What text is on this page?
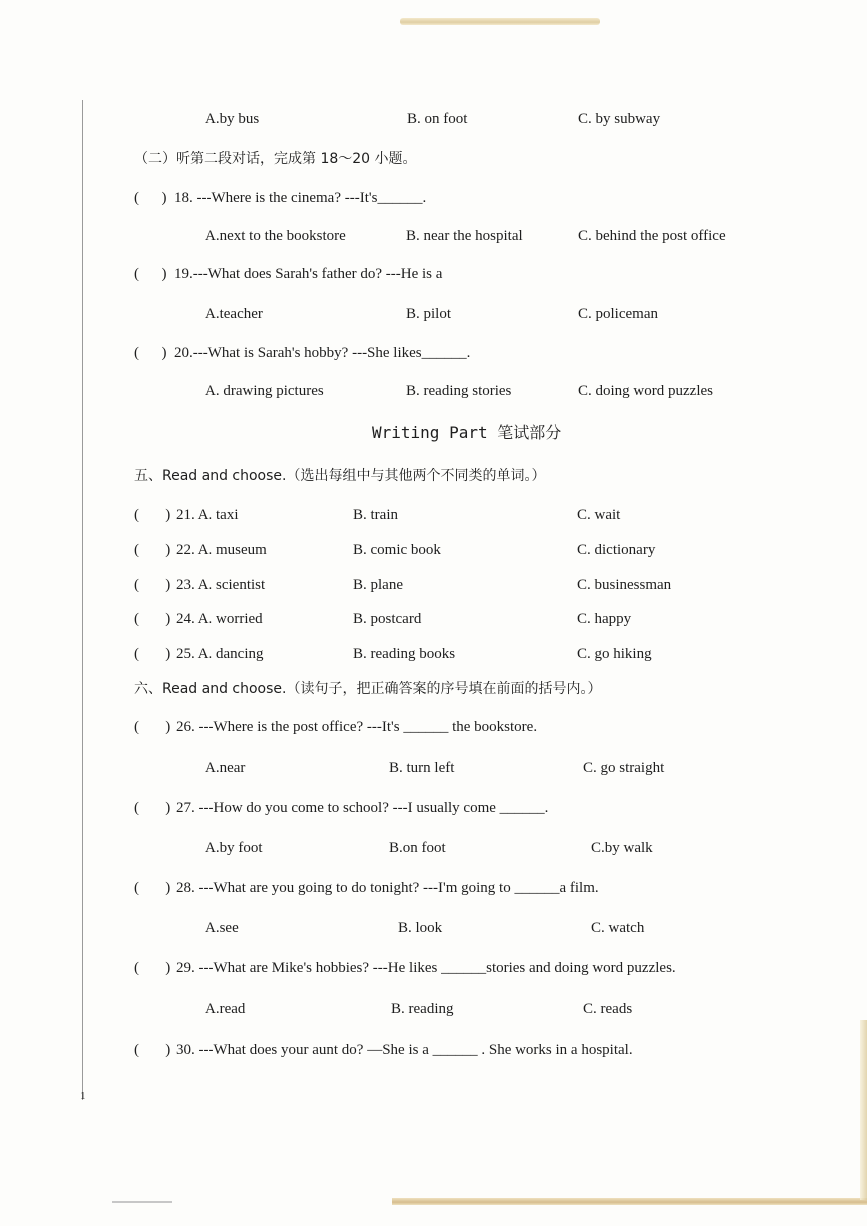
A.by bus	B. on foot	C. by subway
（二）听第二段对话，完成第 18～20 小题。
(      ) 18. ---Where is the cinema? ---It's______.
A.next to the bookstore	B. near the hospital	C. behind the post office
(      ) 19.---What does Sarah's father do? ---He is a
A.teacher	B. pilot	C. policeman
(      ) 20.---What is Sarah's hobby? ---She likes______.
A. drawing pictures	B. reading stories	C. doing word puzzles
Writing Part 笔试部分
五、Read and choose.（选出每组中与其他两个不同类的单词。）
(       ) 21. A. taxi	B. train	C. wait
(       ) 22. A. museum	B. comic book	C. dictionary
(       ) 23. A. scientist	B. plane	C. businessman
(       ) 24. A. worried	B. postcard	C. happy
(       ) 25. A. dancing	B. reading books	C. go hiking
六、Read and choose.（读句子，把正确答案的序号填在前面的括号内。）
(       ) 26. ---Where is the post office? ---It's ______ the bookstore.
A.near	B. turn left	C. go straight
(       ) 27. ---How do you come to school? ---I usually come ______.
A.by foot	B.on foot	C.by walk
(       ) 28. ---What are you going to do tonight? ---I'm going to ______a film.
A.see	B. look	C. watch
(       ) 29. ---What are Mike's hobbies? ---He likes ______stories and doing word puzzles.
A.read	B. reading	C. reads
(       ) 30. ---What does your aunt do? —She is a ______ . She works in a hospital.
1
